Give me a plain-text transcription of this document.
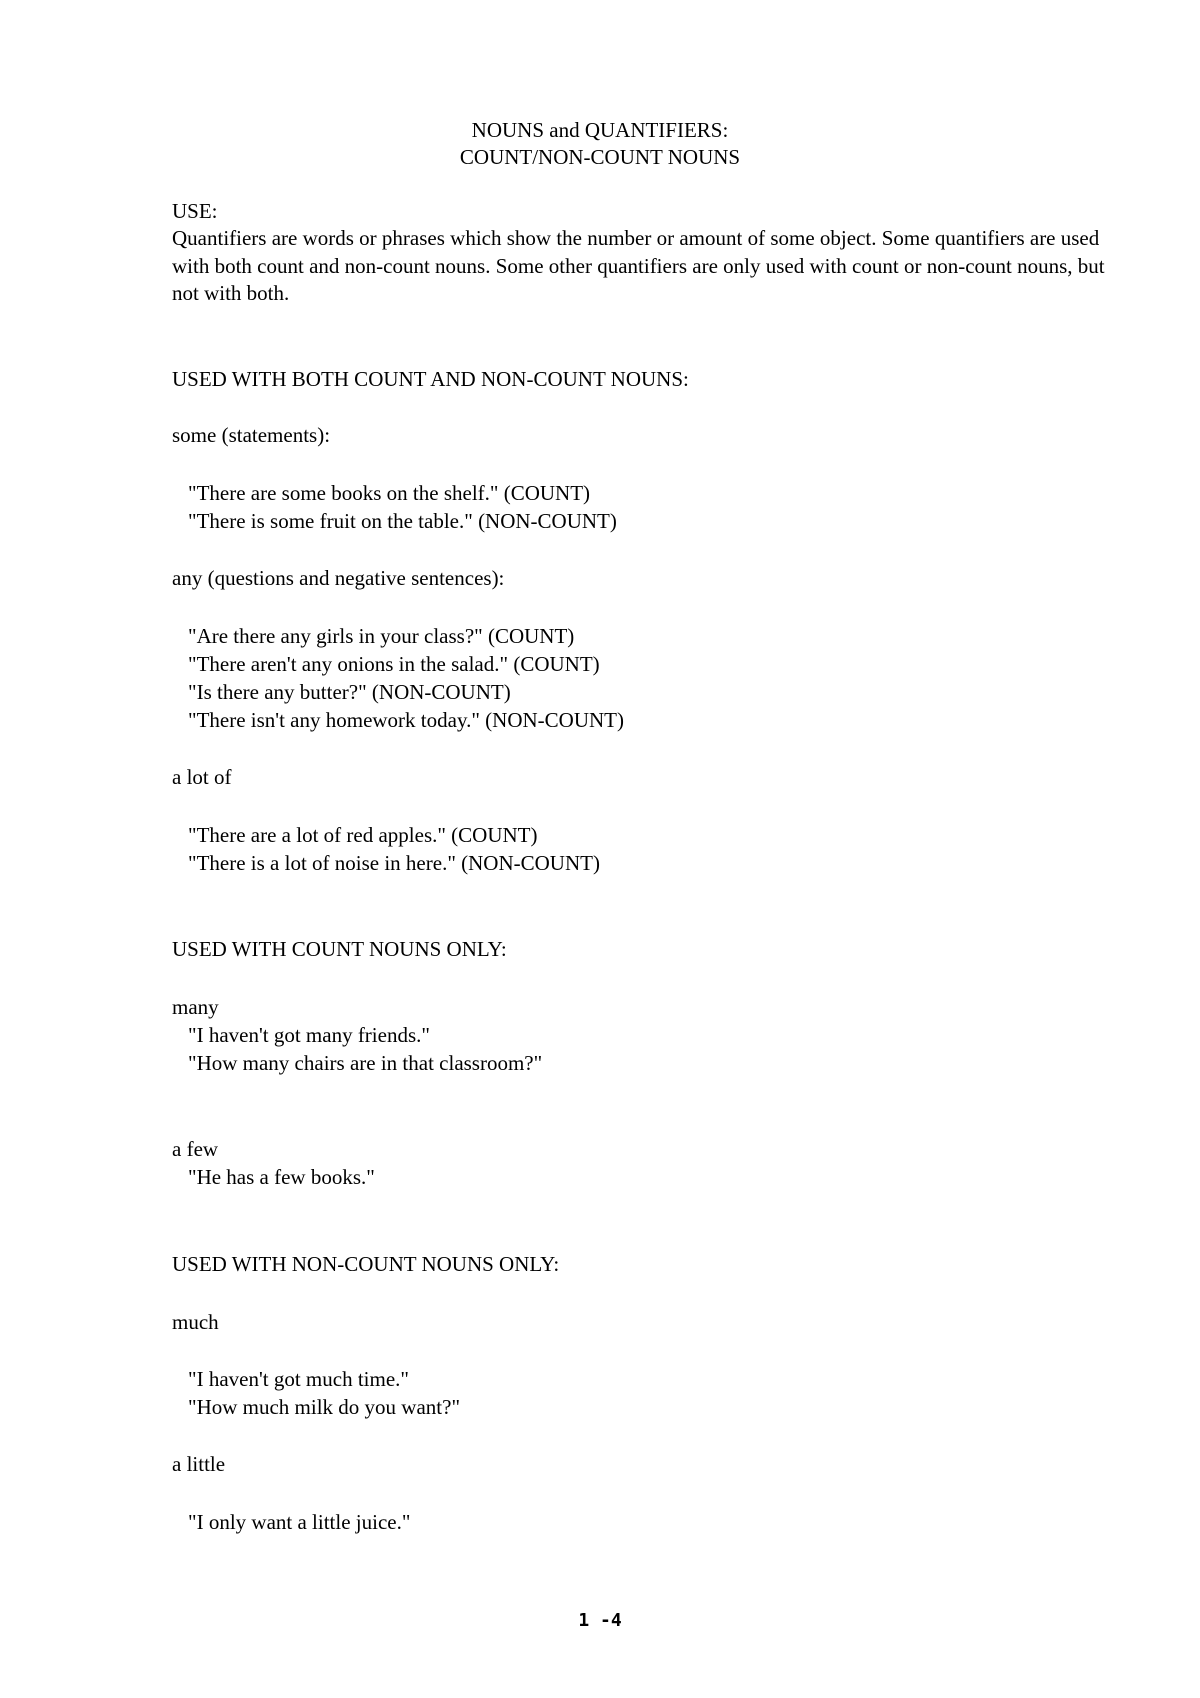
NOUNS and QUANTIFIERS:
COUNT/NON-COUNT NOUNS
USE:
Quantifiers are words or phrases which show the number or amount of some object. Some quantifiers are used with both count and non-count nouns. Some other quantifiers are only used with count or non-count nouns, but not with both.
USED WITH BOTH COUNT AND NON-COUNT NOUNS:
some (statements):
"There are some books on the shelf." (COUNT)
"There is some fruit on the table." (NON-COUNT)
any (questions and negative sentences):
"Are there any girls in your class?" (COUNT)
"There aren't any onions in the salad." (COUNT)
"Is there any butter?" (NON-COUNT)
"There isn't any homework today." (NON-COUNT)
a lot of
"There are a lot of red apples." (COUNT)
"There is a lot of noise in here." (NON-COUNT)
USED WITH COUNT NOUNS ONLY:
many
"I haven't got many friends."
"How many chairs are in that classroom?"
a few
"He has a few books."
USED WITH NON-COUNT NOUNS ONLY:
much
"I haven't got much time."
"How much milk do you want?"
a little
"I only want a little juice."
1 -4
